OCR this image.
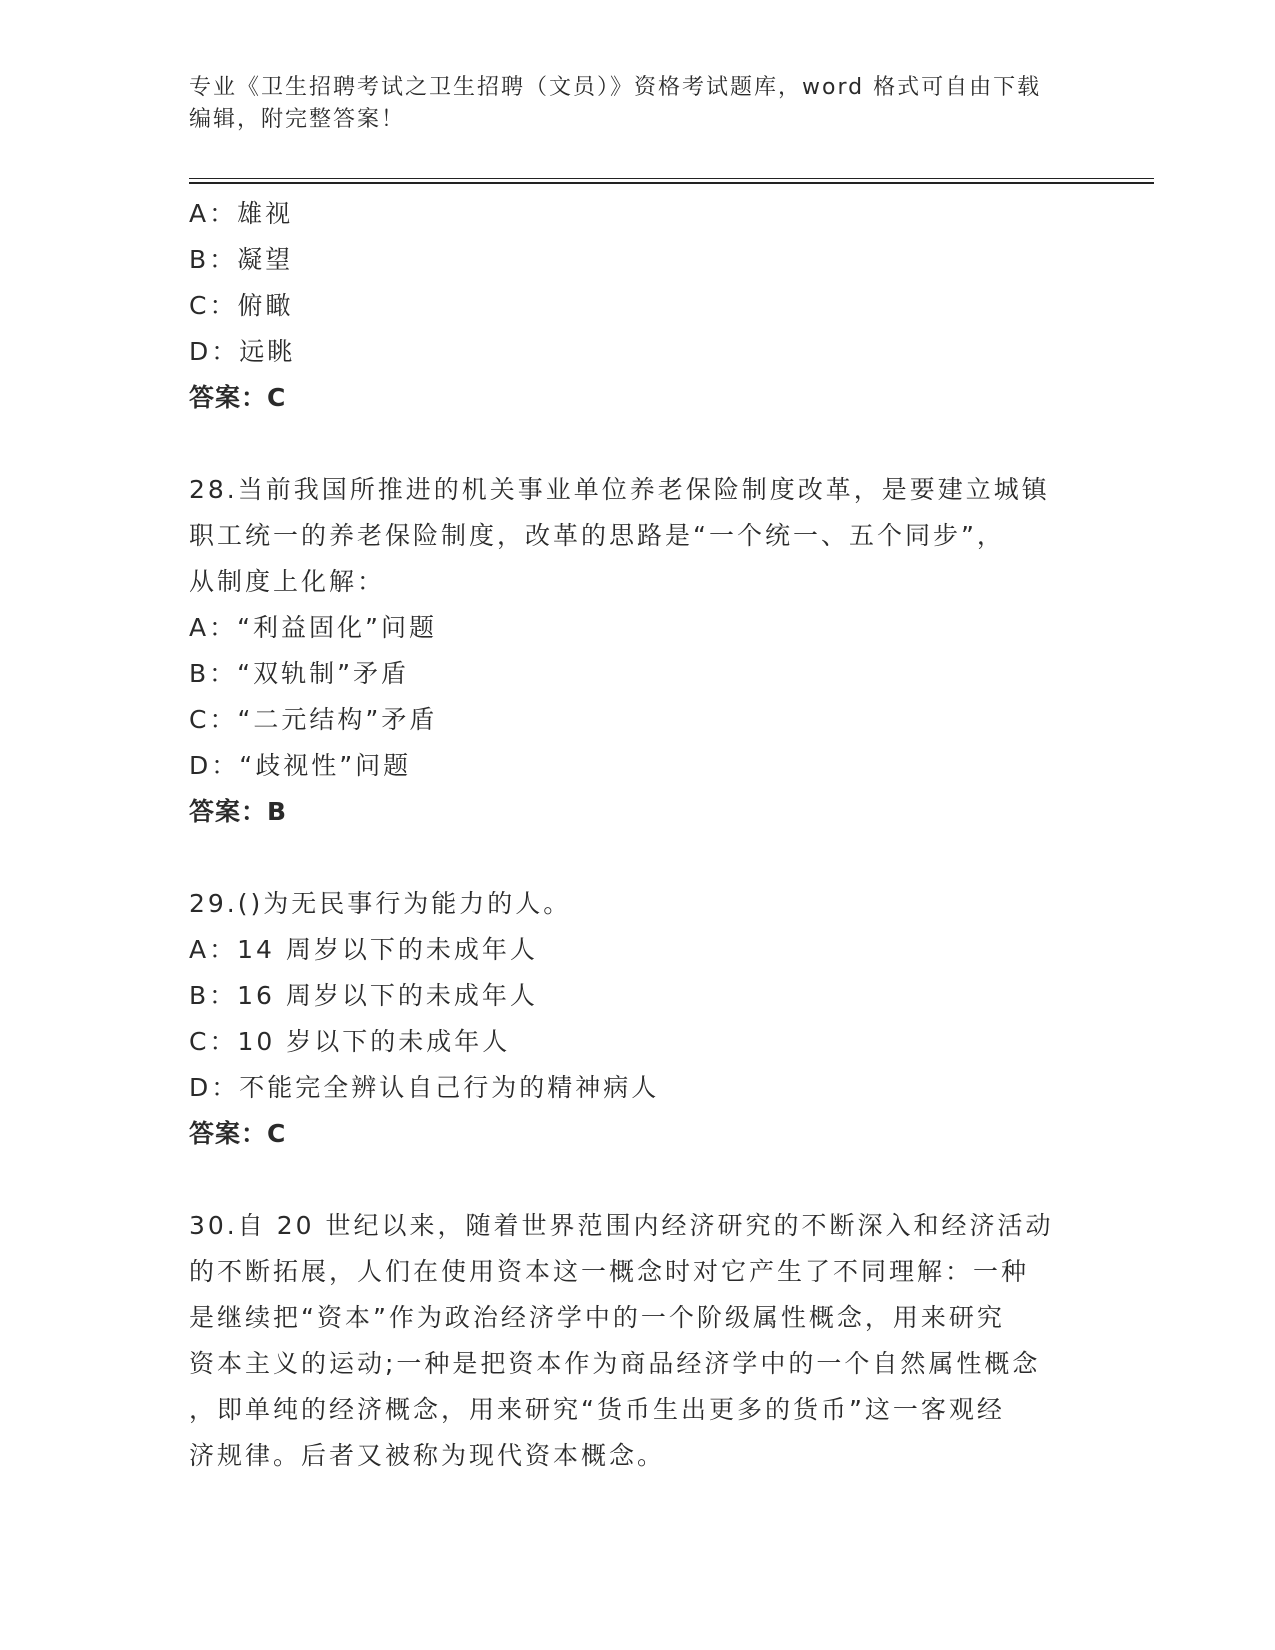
专业《卫生招聘考试之卫生招聘（文员）》资格考试题库，word 格式可自由下载
编辑，附完整答案！
A：雄视
B：凝望
C：俯瞰
D：远眺
答案：C
28.当前我国所推进的机关事业单位养老保险制度改革，是要建立城镇
职工统一的养老保险制度，改革的思路是“一个统一、五个同步”，
从制度上化解：
A：“利益固化”问题
B：“双轨制”矛盾
C：“二元结构”矛盾
D：“歧视性”问题
答案：B
29.()为无民事行为能力的人。
A：14 周岁以下的未成年人
B：16 周岁以下的未成年人
C：10 岁以下的未成年人
D：不能完全辨认自己行为的精神病人
答案：C
30.自 20 世纪以来，随着世界范围内经济研究的不断深入和经济活动
的不断拓展，人们在使用资本这一概念时对它产生了不同理解：一种
是继续把“资本”作为政治经济学中的一个阶级属性概念，用来研究
资本主义的运动;一种是把资本作为商品经济学中的一个自然属性概念
，即单纯的经济概念，用来研究“货币生出更多的货币”这一客观经
济规律。后者又被称为现代资本概念。
